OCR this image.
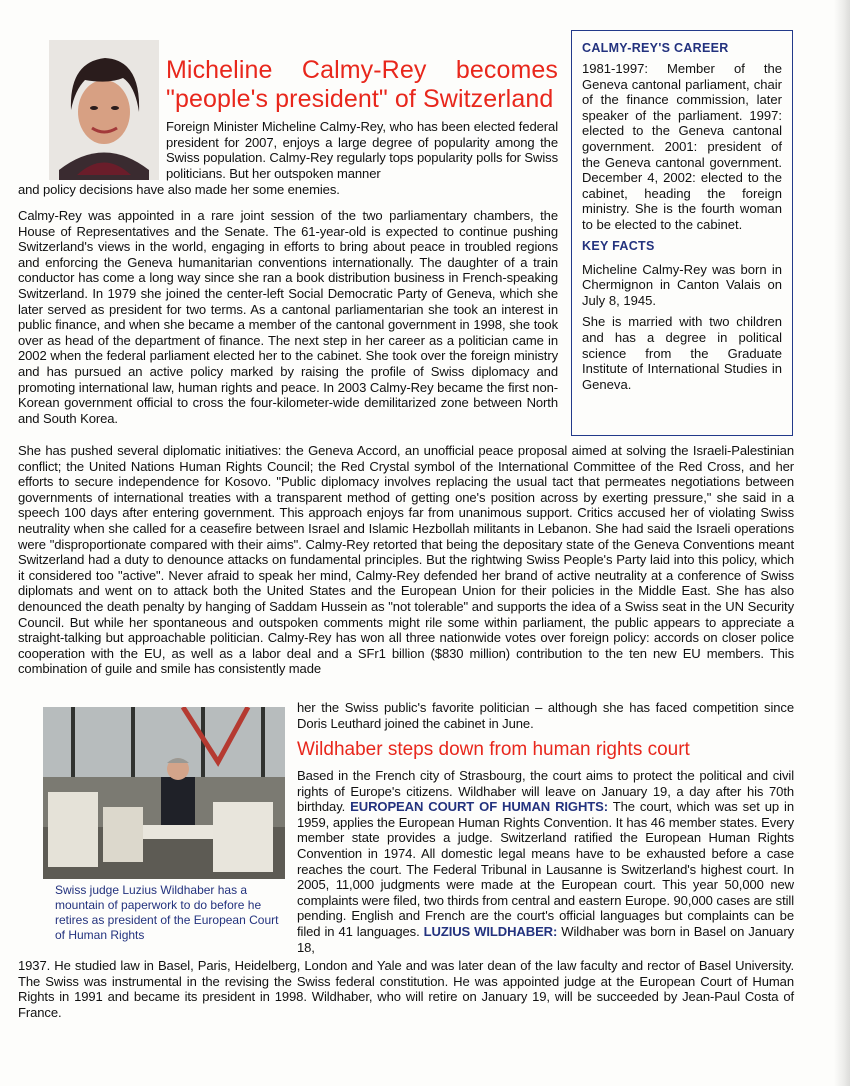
Micheline Calmy-Rey becomes
"people's president" of Switzerland

Foreign Minister Micheline Calmy-Rey, who has been elected federal president for 2007, enjoys a large degree of popularity among the Swiss population. Calmy-Rey regularly tops popularity polls for Swiss politicians. But her outspoken manner

and policy decisions have also made her some enemies.

Calmy-Rey was appointed in a rare joint session of the two parliamentary chambers, the House of Representatives and the Senate. The 61-year-old is expected to continue pushing Switzerland's views in the world, engaging in efforts to bring about peace in troubled regions and enforcing the Geneva humanitarian conventions internationally. The daughter of a train conductor has come a long way since she ran a book distribution business in French-speaking Switzerland. In 1979 she joined the center-left Social Democratic Party of Geneva, which she later served as president for two terms. As a cantonal parliamentarian she took an interest in public finance, and when she became a member of the cantonal government in 1998, she took over as head of the department of finance. The next step in her career as a politician came in 2002 when the federal parliament elected her to the cabinet. She took over the foreign ministry and has pursued an active policy marked by raising the profile of Swiss diplomacy and promoting international law, human rights and peace. In 2003 Calmy-Rey became the first non-Korean government official to cross the four-kilometer-wide demilitarized zone between North and South Korea.

She has pushed several diplomatic initiatives: the Geneva Accord, an unofficial peace proposal aimed at solving the Israeli-Palestinian conflict; the United Nations Human Rights Council; the Red Crystal symbol of the International Committee of the Red Cross, and her efforts to secure independence for Kosovo. "Public diplomacy involves replacing the usual tact that permeates negotiations between governments of international treaties with a transparent method of getting one's position across by exerting pressure," she said in a speech 100 days after entering government. This approach enjoys far from unanimous support. Critics accused her of violating Swiss neutrality when she called for a ceasefire between Israel and Islamic Hezbollah militants in Lebanon. She had said the Israeli operations were "disproportionate compared with their aims". Calmy-Rey retorted that being the depositary state of the Geneva Conventions meant Switzerland had a duty to denounce attacks on fundamental principles. But the rightwing Swiss People's Party laid into this policy, which it considered too "active". Never afraid to speak her mind, Calmy-Rey defended her brand of active neutrality at a conference of Swiss diplomats and went on to attack both the United States and the European Union for their policies in the Middle East. She has also denounced the death penalty by hanging of Saddam Hussein as "not tolerable" and supports the idea of a Swiss seat in the UN Security Council. But while her spontaneous and outspoken comments might rile some within parliament, the public appears to appreciate a straight-talking but approachable politician. Calmy-Rey has won all three nationwide votes over foreign policy: accords on closer police cooperation with the EU, as well as a labor deal and a SFr1 billion ($830 million) contribution to the ten new EU members. This combination of guile and smile has consistently made

her the Swiss public's favorite politician – although she has faced competition since Doris Leuthard joined the cabinet in June.

CALMY-REY'S CAREER

1981-1997: Member of the Geneva cantonal parliament, chair of the finance commission, later speaker of the parliament. 1997: elected to the Geneva cantonal government. 2001: president of the Geneva cantonal government. December 4, 2002: elected to the cabinet, heading the foreign ministry. She is the fourth woman to be elected to the cabinet.

KEY FACTS

Micheline Calmy-Rey was born in Chermignon in Canton Valais on July 8, 1945.

She is married with two children and has a degree in political science from the Graduate Institute of International Studies in Geneva.

Swiss judge Luzius Wildhaber has a mountain of paperwork to do before he retires as president of the European Court of Human Rights

Wildhaber steps down from human rights court

Based in the French city of Strasbourg, the court aims to protect the political and civil rights of Europe's citizens. Wildhaber will leave on January 19, a day after his 70th birthday. EUROPEAN COURT OF HUMAN RIGHTS: The court, which was set up in 1959, applies the European Human Rights Convention. It has 46 member states. Every member state provides a judge. Switzerland ratified the European Human Rights Convention in 1974. All domestic legal means have to be exhausted before a case reaches the court. The Federal Tribunal in Lausanne is Switzerland's highest court. In 2005, 11,000 judgments were made at the European court. This year 50,000 new complaints were filed, two thirds from central and eastern Europe. 90,000 cases are still pending. English and French are the court's official languages but complaints can be filed in 41 languages. LUZIUS WILDHABER: Wildhaber was born in Basel on January 18,

1937. He studied law in Basel, Paris, Heidelberg, London and Yale and was later dean of the law faculty and rector of Basel University. The Swiss was instrumental in the revising the Swiss federal constitution. He was appointed judge at the European Court of Human Rights in 1991 and became its president in 1998. Wildhaber, who will retire on January 19, will be succeeded by Jean-Paul Costa of France.
